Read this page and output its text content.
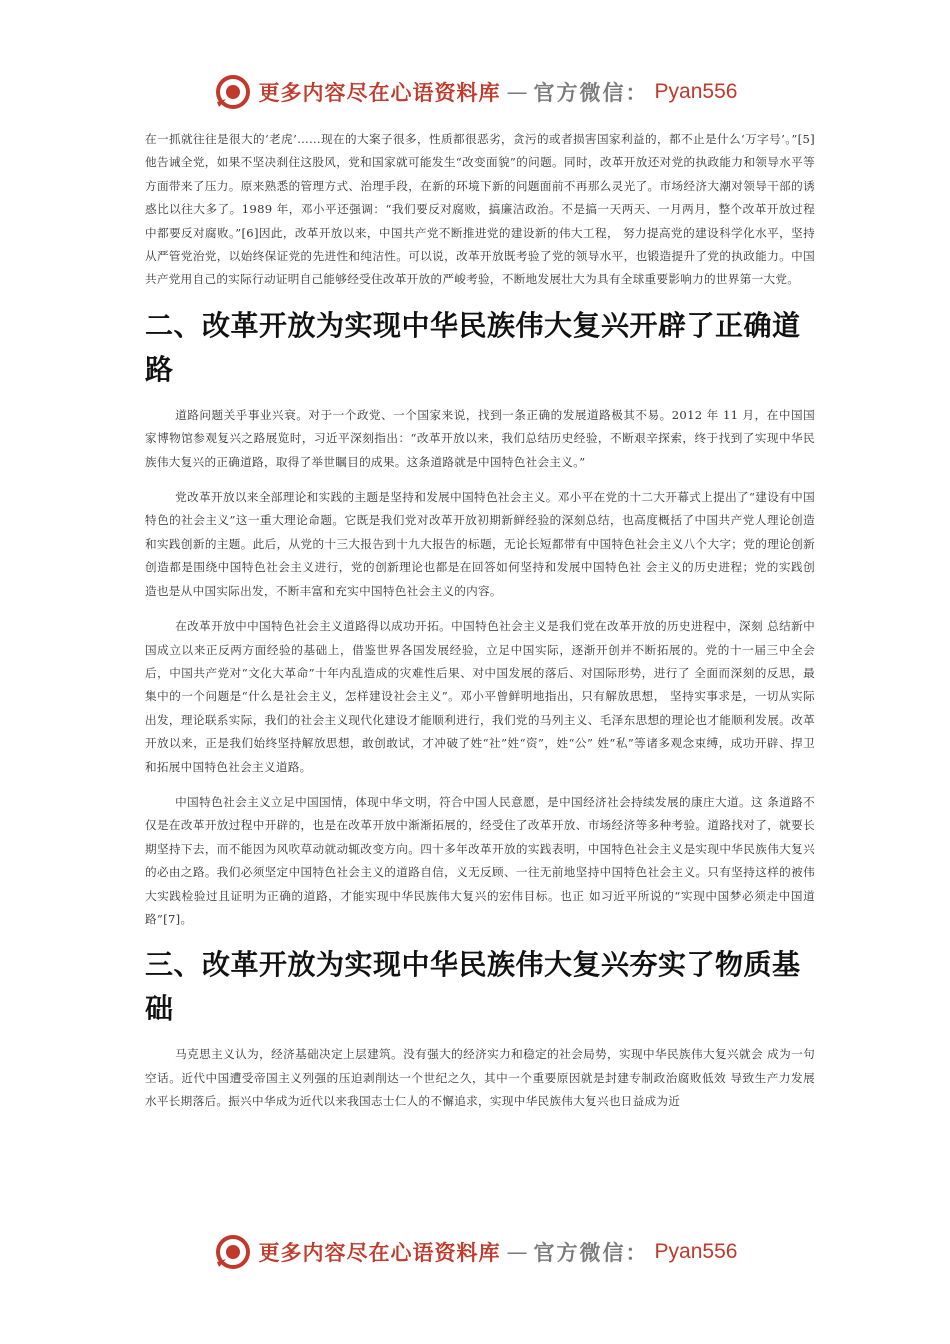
更多内容尽在心语资料库 — 官方微信： Pyan556

在一抓就往往是很大的‘老虎’……现在的大案子很多，性质都很恶劣，贪污的或者损害国家利益的，都不止是什么‘万字号’。”[5]他告诫全党，如果不坚决刹住这股风，党和国家就可能发生“改变面貌”的问题。同时，改革开放还对党的执政能力和领导水平等方面带来了压力。原来熟悉的管理方式、治理手段，在新的环境下新的问题面前不再那么灵光了。市场经济大潮对领导干部的诱惑比以往大多了。1989 年，邓小平还强调：“我们要反对腐败，搞廉洁政治。不是搞一天两天、一月两月，整个改革开放过程中都要反对腐败。”[6]因此，改革开放以来，中国共产党不断推进党的建设新的伟大工程， 努力提高党的建设科学化水平，坚持从严管党治党，以始终保证党的先进性和纯洁性。可以说，改革开放既考验了党的领导水平，也锻造提升了党的执政能力。中国共产党用自己的实际行动证明自己能够经受住改革开放的严峻考验，不断地发展壮大为具有全球重要影响力的世界第一大党。

二、改革开放为实现中华民族伟大复兴开辟了正确道路

道路问题关乎事业兴衰。对于一个政党、一个国家来说，找到一条正确的发展道路极其不易。2012 年 11 月，在中国国家博物馆参观复兴之路展览时，习近平深刻指出：“改革开放以来，我们总结历史经验，不断艰辛探索，终于找到了实现中华民族伟大复兴的正确道路，取得了举世瞩目的成果。这条道路就是中国特色社会主义。”

党改革开放以来全部理论和实践的主题是坚持和发展中国特色社会主义。邓小平在党的十二大开幕式上提出了“建设有中国特色的社会主义”这一重大理论命题。它既是我们党对改革开放初期新鲜经验的深刻总结，也高度概括了中国共产党人理论创造和实践创新的主题。此后，从党的十三大报告到十九大报告的标题，无论长短都带有中国特色社会主义八个大字；党的理论创新创造都是围绕中国特色社会主义进行，党的创新理论也都是在回答如何坚持和发展中国特色社 会主义的历史进程；党的实践创造也是从中国实际出发，不断丰富和充实中国特色社会主义的内容。

在改革开放中中国特色社会主义道路得以成功开拓。中国特色社会主义是我们党在改革开放的历史进程中，深刻 总结新中国成立以来正反两方面经验的基础上，借鉴世界各国发展经验，立足中国实际，逐渐开创并不断拓展的。党的十一届三中全会后，中国共产党对“文化大革命”十年内乱造成的灾难性后果、对中国发展的落后、对国际形势，进行了 全面而深刻的反思，最集中的一个问题是“什么是社会主义，怎样建设社会主义”。邓小平曾鲜明地指出，只有解放思想， 坚持实事求是，一切从实际出发，理论联系实际，我们的社会主义现代化建设才能顺利进行，我们党的马列主义、毛泽东思想的理论也才能顺利发展。改革开放以来，正是我们始终坚持解放思想，敢创敢试，才冲破了姓“社”姓“资”，姓“公” 姓“私”等诸多观念束缚，成功开辟、捍卫和拓展中国特色社会主义道路。

中国特色社会主义立足中国国情，体现中华文明，符合中国人民意愿，是中国经济社会持续发展的康庄大道。这 条道路不仅是在改革开放过程中开辟的，也是在改革开放中渐渐拓展的，经受住了改革开放、市场经济等多种考验。道路找对了，就要长期坚持下去，而不能因为风吹草动就动辄改变方向。四十多年改革开放的实践表明，中国特色社会主义是实现中华民族伟大复兴的必由之路。我们必须坚定中国特色社会主义的道路自信，义无反顾、一往无前地坚持中国特色社会主义。只有坚持这样的被伟大实践检验过且证明为正确的道路，才能实现中华民族伟大复兴的宏伟目标。也正 如习近平所说的“实现中国梦必须走中国道路”[7]。

三、改革开放为实现中华民族伟大复兴夯实了物质基础

马克思主义认为，经济基础决定上层建筑。没有强大的经济实力和稳定的社会局势，实现中华民族伟大复兴就会 成为一句空话。近代中国遭受帝国主义列强的压迫剥削达一个世纪之久，其中一个重要原因就是封建专制政治腐败低效 导致生产力发展水平长期落后。振兴中华成为近代以来我国志士仁人的不懈追求，实现中华民族伟大复兴也日益成为近

更多内容尽在心语资料库 — 官方微信： Pyan556
